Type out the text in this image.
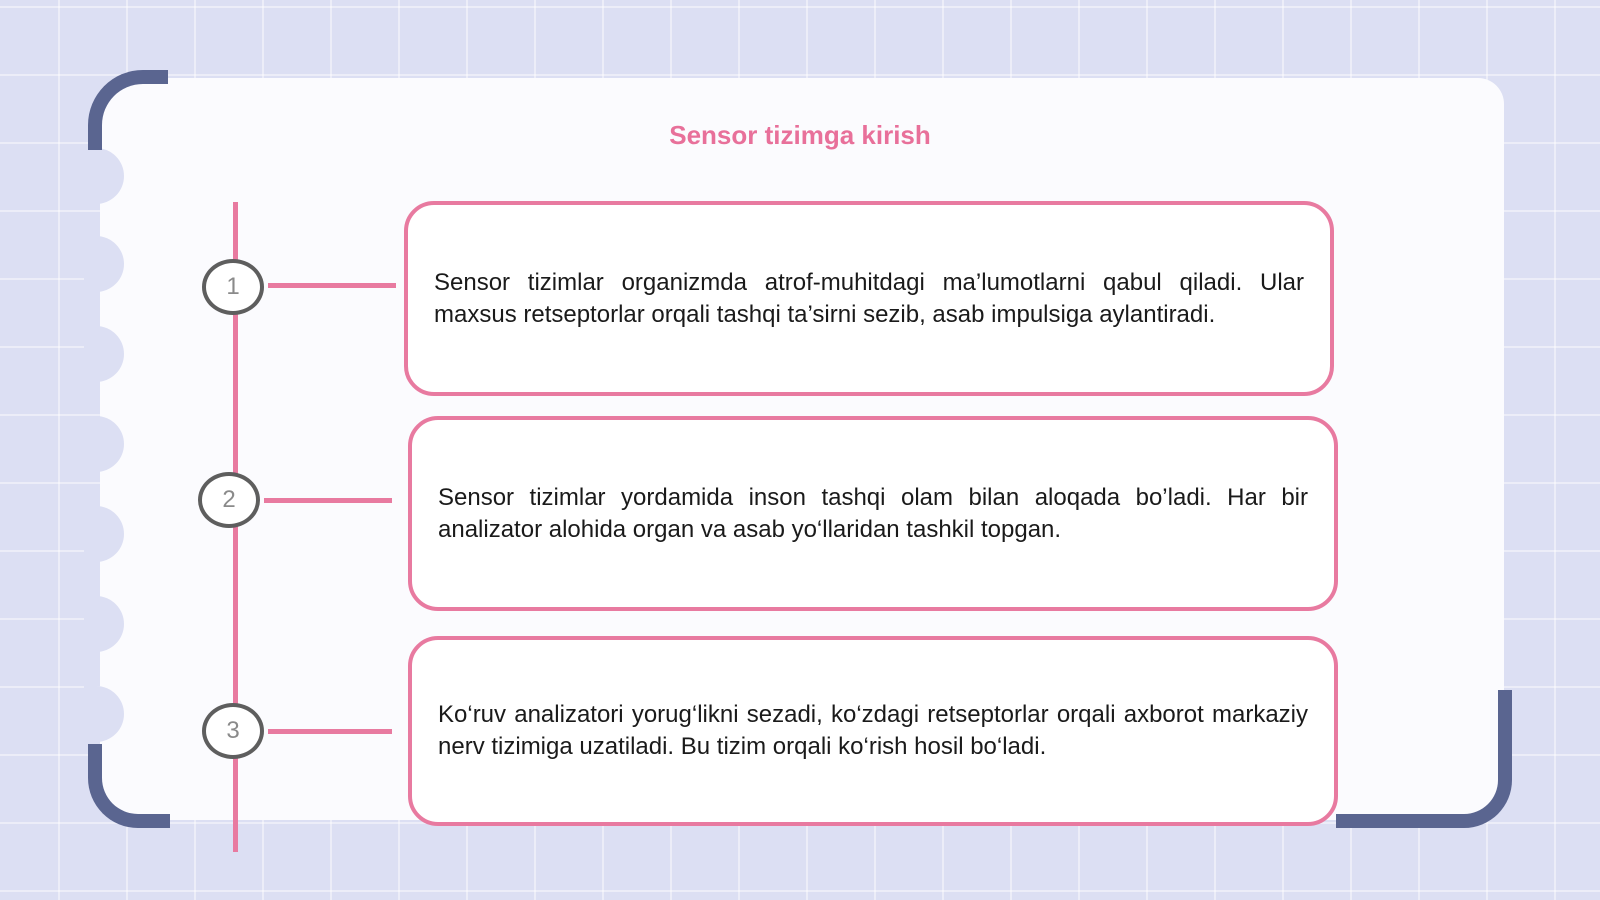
Sensor tizimga kirish
1
2
3

Sensor tizimlar organizmda atrof-muhitdagi ma’lumotlarni qabul qiladi. Ular maxsus retseptorlar orqali tashqi ta’sirni sezib, asab impulsiga aylantiradi.

Sensor tizimlar yordamida inson tashqi olam bilan aloqada bo’ladi. Har bir analizator alohida organ va asab yo‘llaridan tashkil topgan.

Ko‘ruv analizatori yorug‘likni sezadi, ko‘zdagi retseptorlar orqali axborot markaziy nerv tizimiga uzatiladi. Bu tizim orqali ko‘rish hosil bo‘ladi.
